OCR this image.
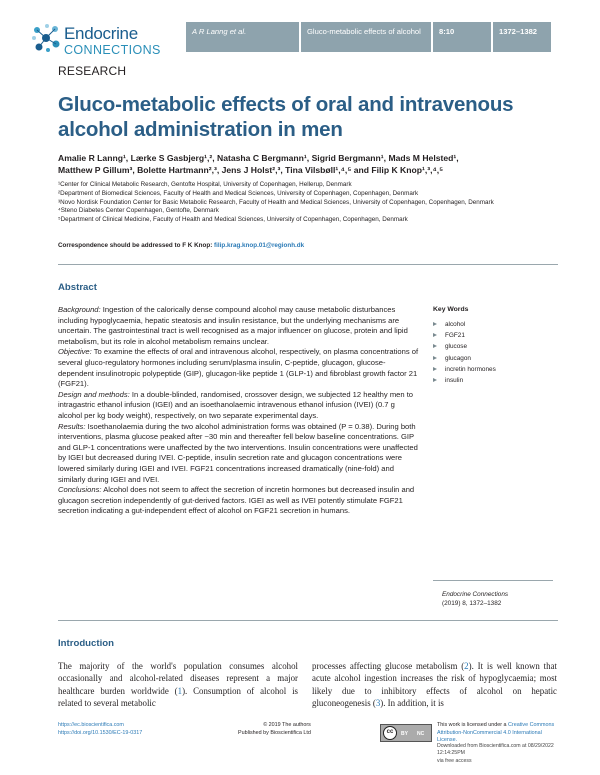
Endocrine
CONNECTIONS
A R Lanng et al.	Gluco-metabolic effects of alcohol	8:10	1372–1382
RESEARCH
Gluco-metabolic effects of oral and intravenous alcohol administration in men
Amalie R Lanng¹, Lærke S Gasbjerg¹,², Natasha C Bergmann¹, Sigrid Bergmann¹, Mads M Helsted¹,
Matthew P Gillum³, Bolette Hartmann²,³, Jens J Holst²,³, Tina Vilsbøll¹,⁴,⁵ and Filip K Knop¹,³,⁴,⁵

¹Center for Clinical Metabolic Research, Gentofte Hospital, University of Copenhagen, Hellerup, Denmark

²Department of Biomedical Sciences, Faculty of Health and Medical Sciences, University of Copenhagen, Copenhagen, Denmark

³Novo Nordisk Foundation Center for Basic Metabolic Research, Faculty of Health and Medical Sciences, University of Copenhagen, Copenhagen, Denmark

⁴Steno Diabetes Center Copenhagen, Gentofte, Denmark

⁵Department of Clinical Medicine, Faculty of Health and Medical Sciences, University of Copenhagen, Copenhagen, Denmark

Correspondence should be addressed to F K Knop: filip.krag.knop.01@regionh.dk
Abstract

Background: Ingestion of the calorically dense compound alcohol may cause metabolic disturbances including hypoglycaemia, hepatic steatosis and insulin resistance, but the underlying mechanisms are uncertain. The gastrointestinal tract is well recognised as a major influencer on glucose, protein and lipid metabolism, but its role in alcohol metabolism remains unclear.

Objective: To examine the effects of oral and intravenous alcohol, respectively, on plasma concentrations of several gluco-regulatory hormones including serum/plasma insulin, C-peptide, glucagon, glucose-dependent insulinotropic polypeptide (GIP), glucagon-like peptide 1 (GLP-1) and fibroblast growth factor 21 (FGF21).

Design and methods: In a double-blinded, randomised, crossover design, we subjected 12 healthy men to intragastric ethanol infusion (IGEI) and an isoethanolaemic intravenous ethanol infusion (IVEI) (0.7 g alcohol per kg body weight), respectively, on two separate experimental days.

Results: Isoethanolaemia during the two alcohol administration forms was obtained (P = 0.38). During both interventions, plasma glucose peaked after ~30 min and thereafter fell below baseline concentrations. GIP and GLP-1 concentrations were unaffected by the two interventions. Insulin concentrations were unaffected by IGEI but decreased during IVEI. C-peptide, insulin secretion rate and glucagon concentrations were lowered similarly during IGEI and IVEI. FGF21 concentrations increased dramatically (nine-fold) and similarly during IGEI and IVEI.

Conclusions: Alcohol does not seem to affect the secretion of incretin hormones but decreased insulin and glucagon secretion independently of gut-derived factors. IGEI as well as IVEI potently stimulate FGF21 secretion indicating a gut-independent effect of alcohol on FGF21 secretion in humans.

Key Words
alcohol
FGF21
glucose
glucagon
incretin hormones
insulin
Endocrine Connections
(2019) 8, 1372–1382
Introduction
The majority of the world's population consumes alcohol occasionally and alcohol-related diseases represent a major healthcare burden worldwide (1). Consumption of alcohol is related to several metabolic
processes affecting glucose metabolism (2). It is well known that acute alcohol ingestion increases the risk of hypoglycaemia; most likely due to inhibitory effects of alcohol on hepatic gluconeogenesis (3). In addition, it is
https://ec.bioscientifica.com
https://doi.org/10.1530/EC-19-0317
© 2019 The authors
Published by Bioscientifica Ltd	cc	BY NC
This work is licensed under a Creative Commons Attribution-NonCommercial 4.0 International License.
Downloaded from Bioscientifica.com at 08/29/2022 12:14:25PM
via free access
